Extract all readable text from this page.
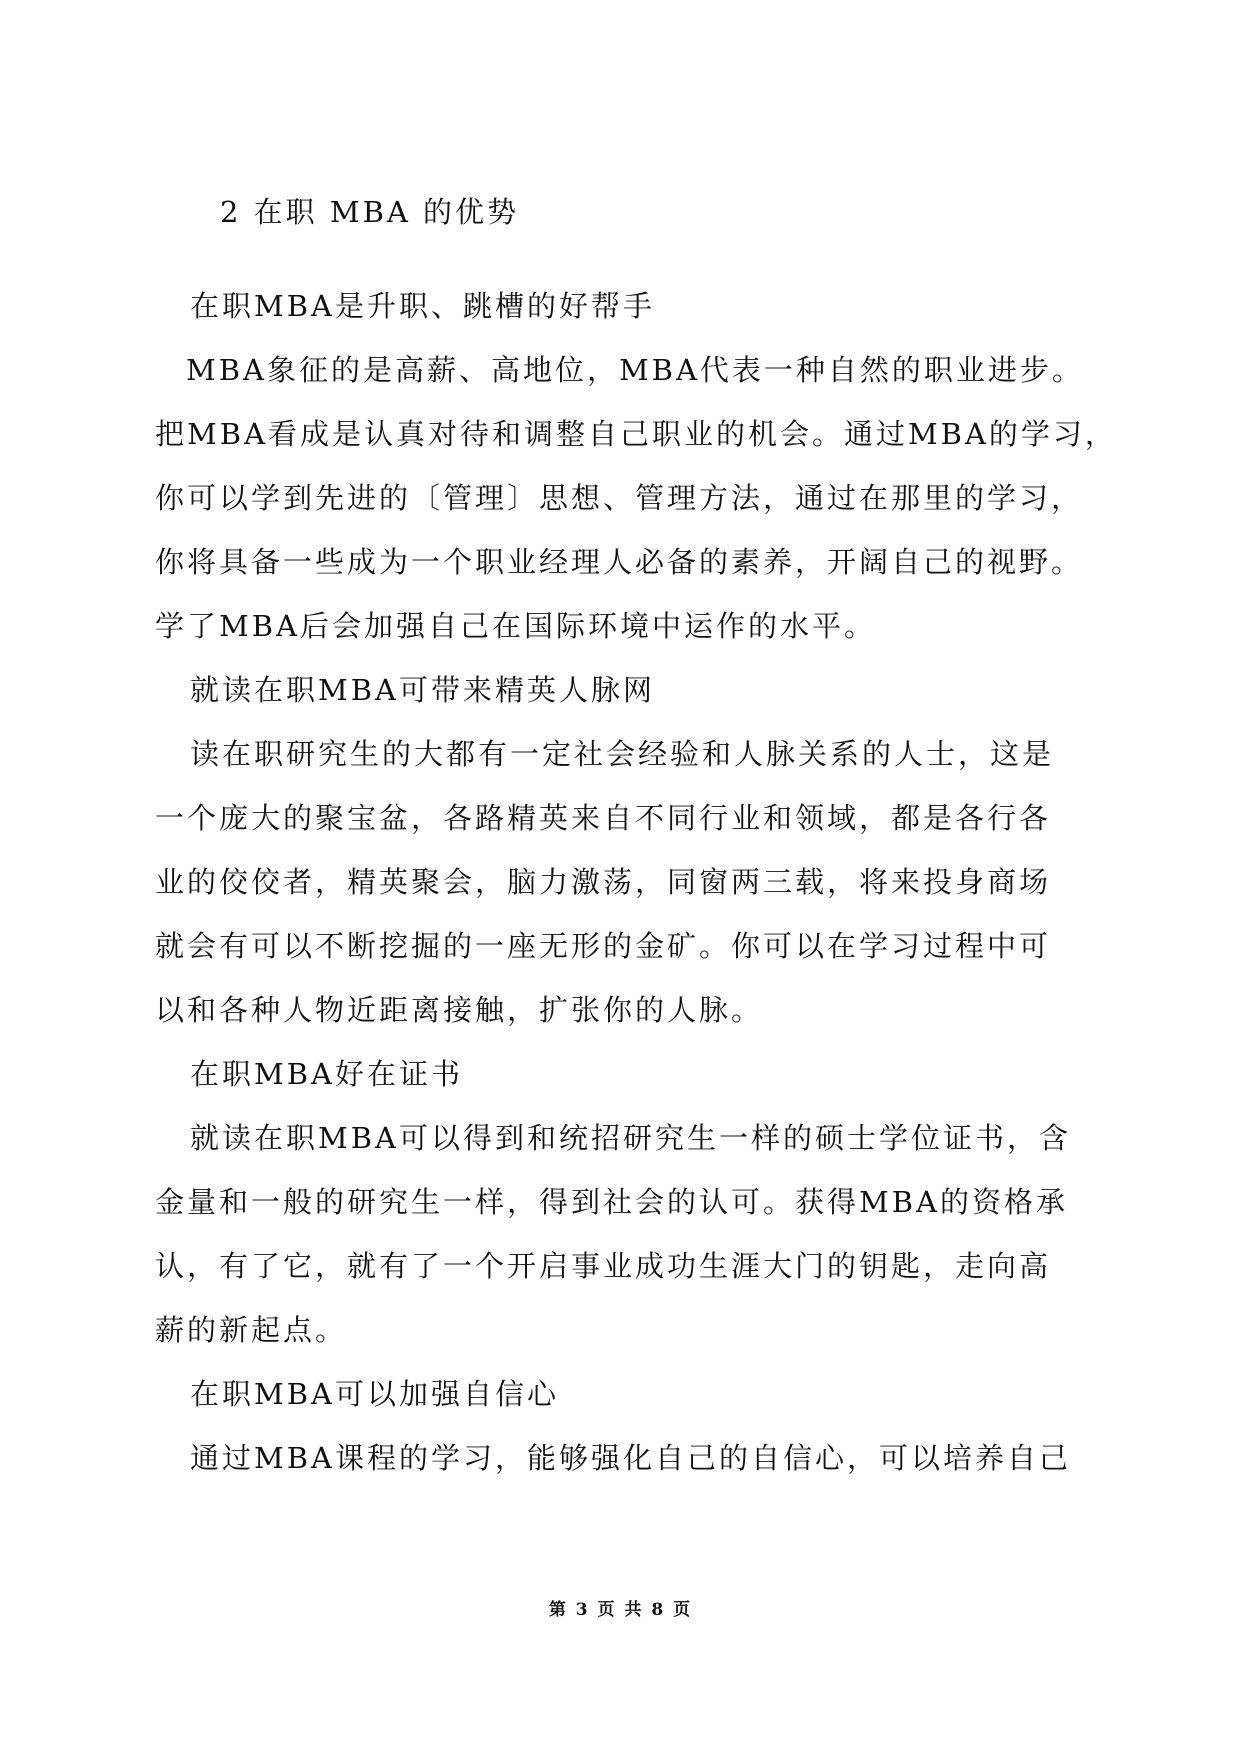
2 在职 MBA 的优势
在职MBA是升职、跳槽的好帮手
MBA象征的是高薪、高地位，MBA代表一种自然的职业进步。
把MBA看成是认真对待和调整自己职业的机会。通过MBA的学习，
你可以学到先进的〔管理〕思想、管理方法，通过在那里的学习，
你将具备一些成为一个职业经理人必备的素养，开阔自己的视野。
学了MBA后会加强自己在国际环境中运作的水平。
就读在职MBA可带来精英人脉网
读在职研究生的大都有一定社会经验和人脉关系的人士，这是
一个庞大的聚宝盆，各路精英来自不同行业和领域，都是各行各
业的佼佼者，精英聚会，脑力激荡，同窗两三载，将来投身商场
就会有可以不断挖掘的一座无形的金矿。你可以在学习过程中可
以和各种人物近距离接触，扩张你的人脉。
在职MBA好在证书
就读在职MBA可以得到和统招研究生一样的硕士学位证书，含
金量和一般的研究生一样，得到社会的认可。获得MBA的资格承
认，有了它，就有了一个开启事业成功生涯大门的钥匙，走向高
薪的新起点。
在职MBA可以加强自信心
通过MBA课程的学习，能够强化自己的自信心，可以培养自己
第 3 页 共 8 页
